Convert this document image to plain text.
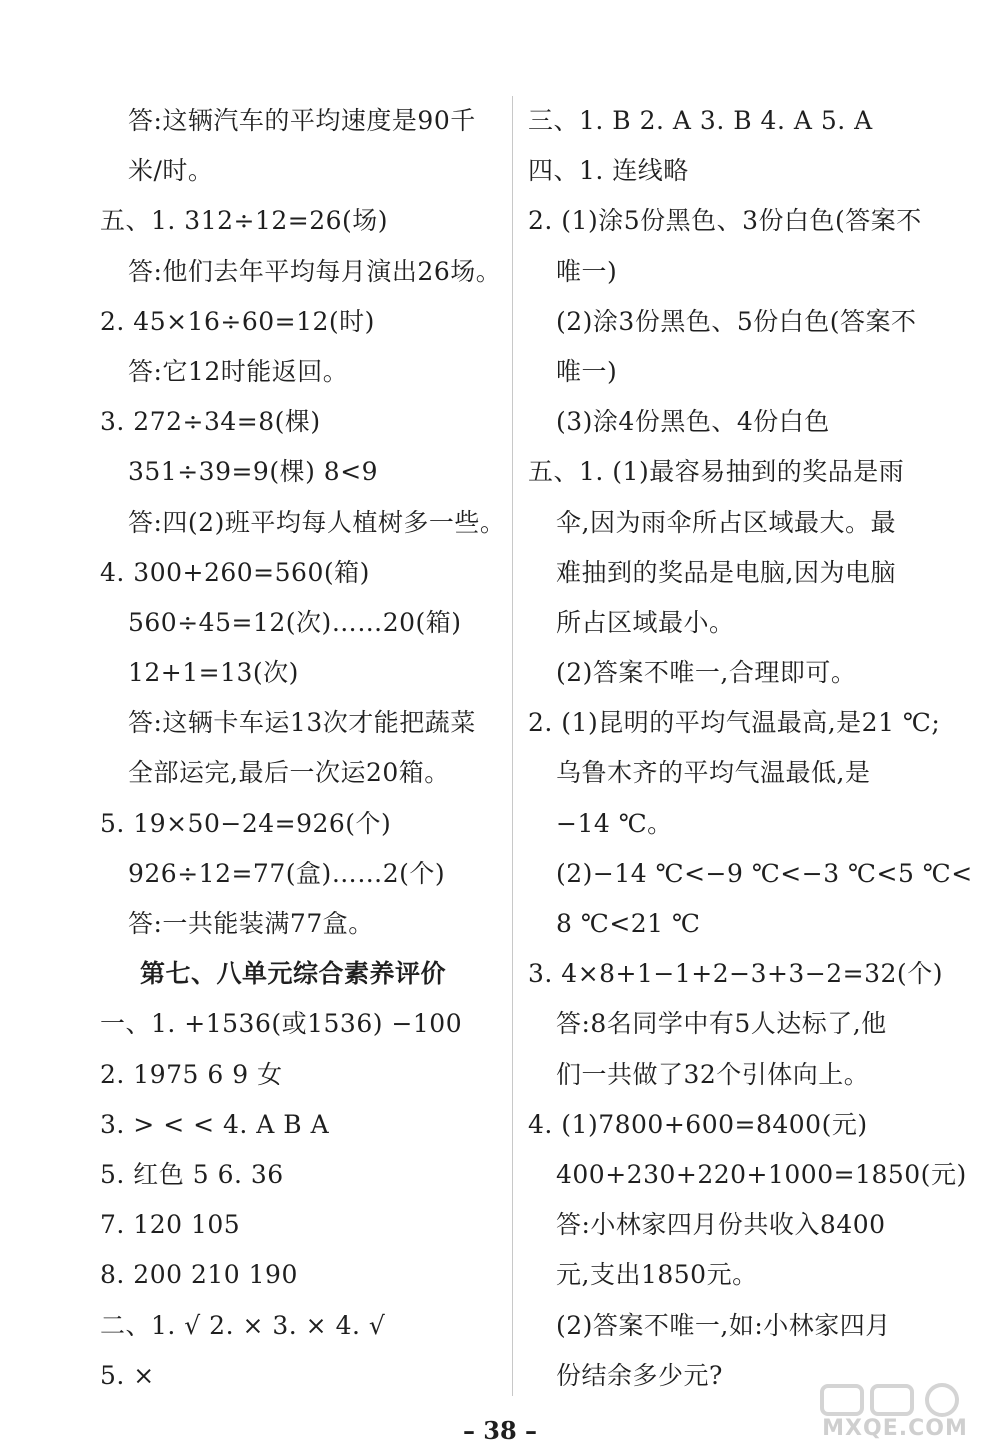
答:这辆汽车的平均速度是90千
米/时。
五、1. 312÷12=26(场)
答:他们去年平均每月演出26场。
2. 45×16÷60=12(时)
答:它12时能返回。
3. 272÷34=8(棵)
351÷39=9(棵) 8<9
答:四(2)班平均每人植树多一些。
4. 300+260=560(箱)
560÷45=12(次)……20(箱)
12+1=13(次)
答:这辆卡车运13次才能把蔬菜
全部运完,最后一次运20箱。
5. 19×50−24=926(个)
926÷12=77(盒)……2(个)
答:一共能装满77盒。
第七、八单元综合素养评价
一、1. +1536(或1536) −100
2. 1975 6 9 女
3. > < < 4. A B A
5. 红色 5 6. 36
7. 120 105
8. 200 210 190
二、1. √ 2. × 3. × 4. √
5. ×
三、1. B 2. A 3. B 4. A 5. A
四、1. 连线略
2. (1)涂5份黑色、3份白色(答案不
唯一)
(2)涂3份黑色、5份白色(答案不
唯一)
(3)涂4份黑色、4份白色
五、1. (1)最容易抽到的奖品是雨
伞,因为雨伞所占区域最大。最
难抽到的奖品是电脑,因为电脑
所占区域最小。
(2)答案不唯一,合理即可。
2. (1)昆明的平均气温最高,是21 ℃;
乌鲁木齐的平均气温最低,是
−14 ℃。
(2)−14 ℃<−9 ℃<−3 ℃<5 ℃<
8 ℃<21 ℃
3. 4×8+1−1+2−3+3−2=32(个)
答:8名同学中有5人达标了,他
们一共做了32个引体向上。
4. (1)7800+600=8400(元)
400+230+220+1000=1850(元)
答:小林家四月份共收入8400
元,支出1850元。
(2)答案不唯一,如:小林家四月
份结余多少元?
– 38 –	MXQE.COM
